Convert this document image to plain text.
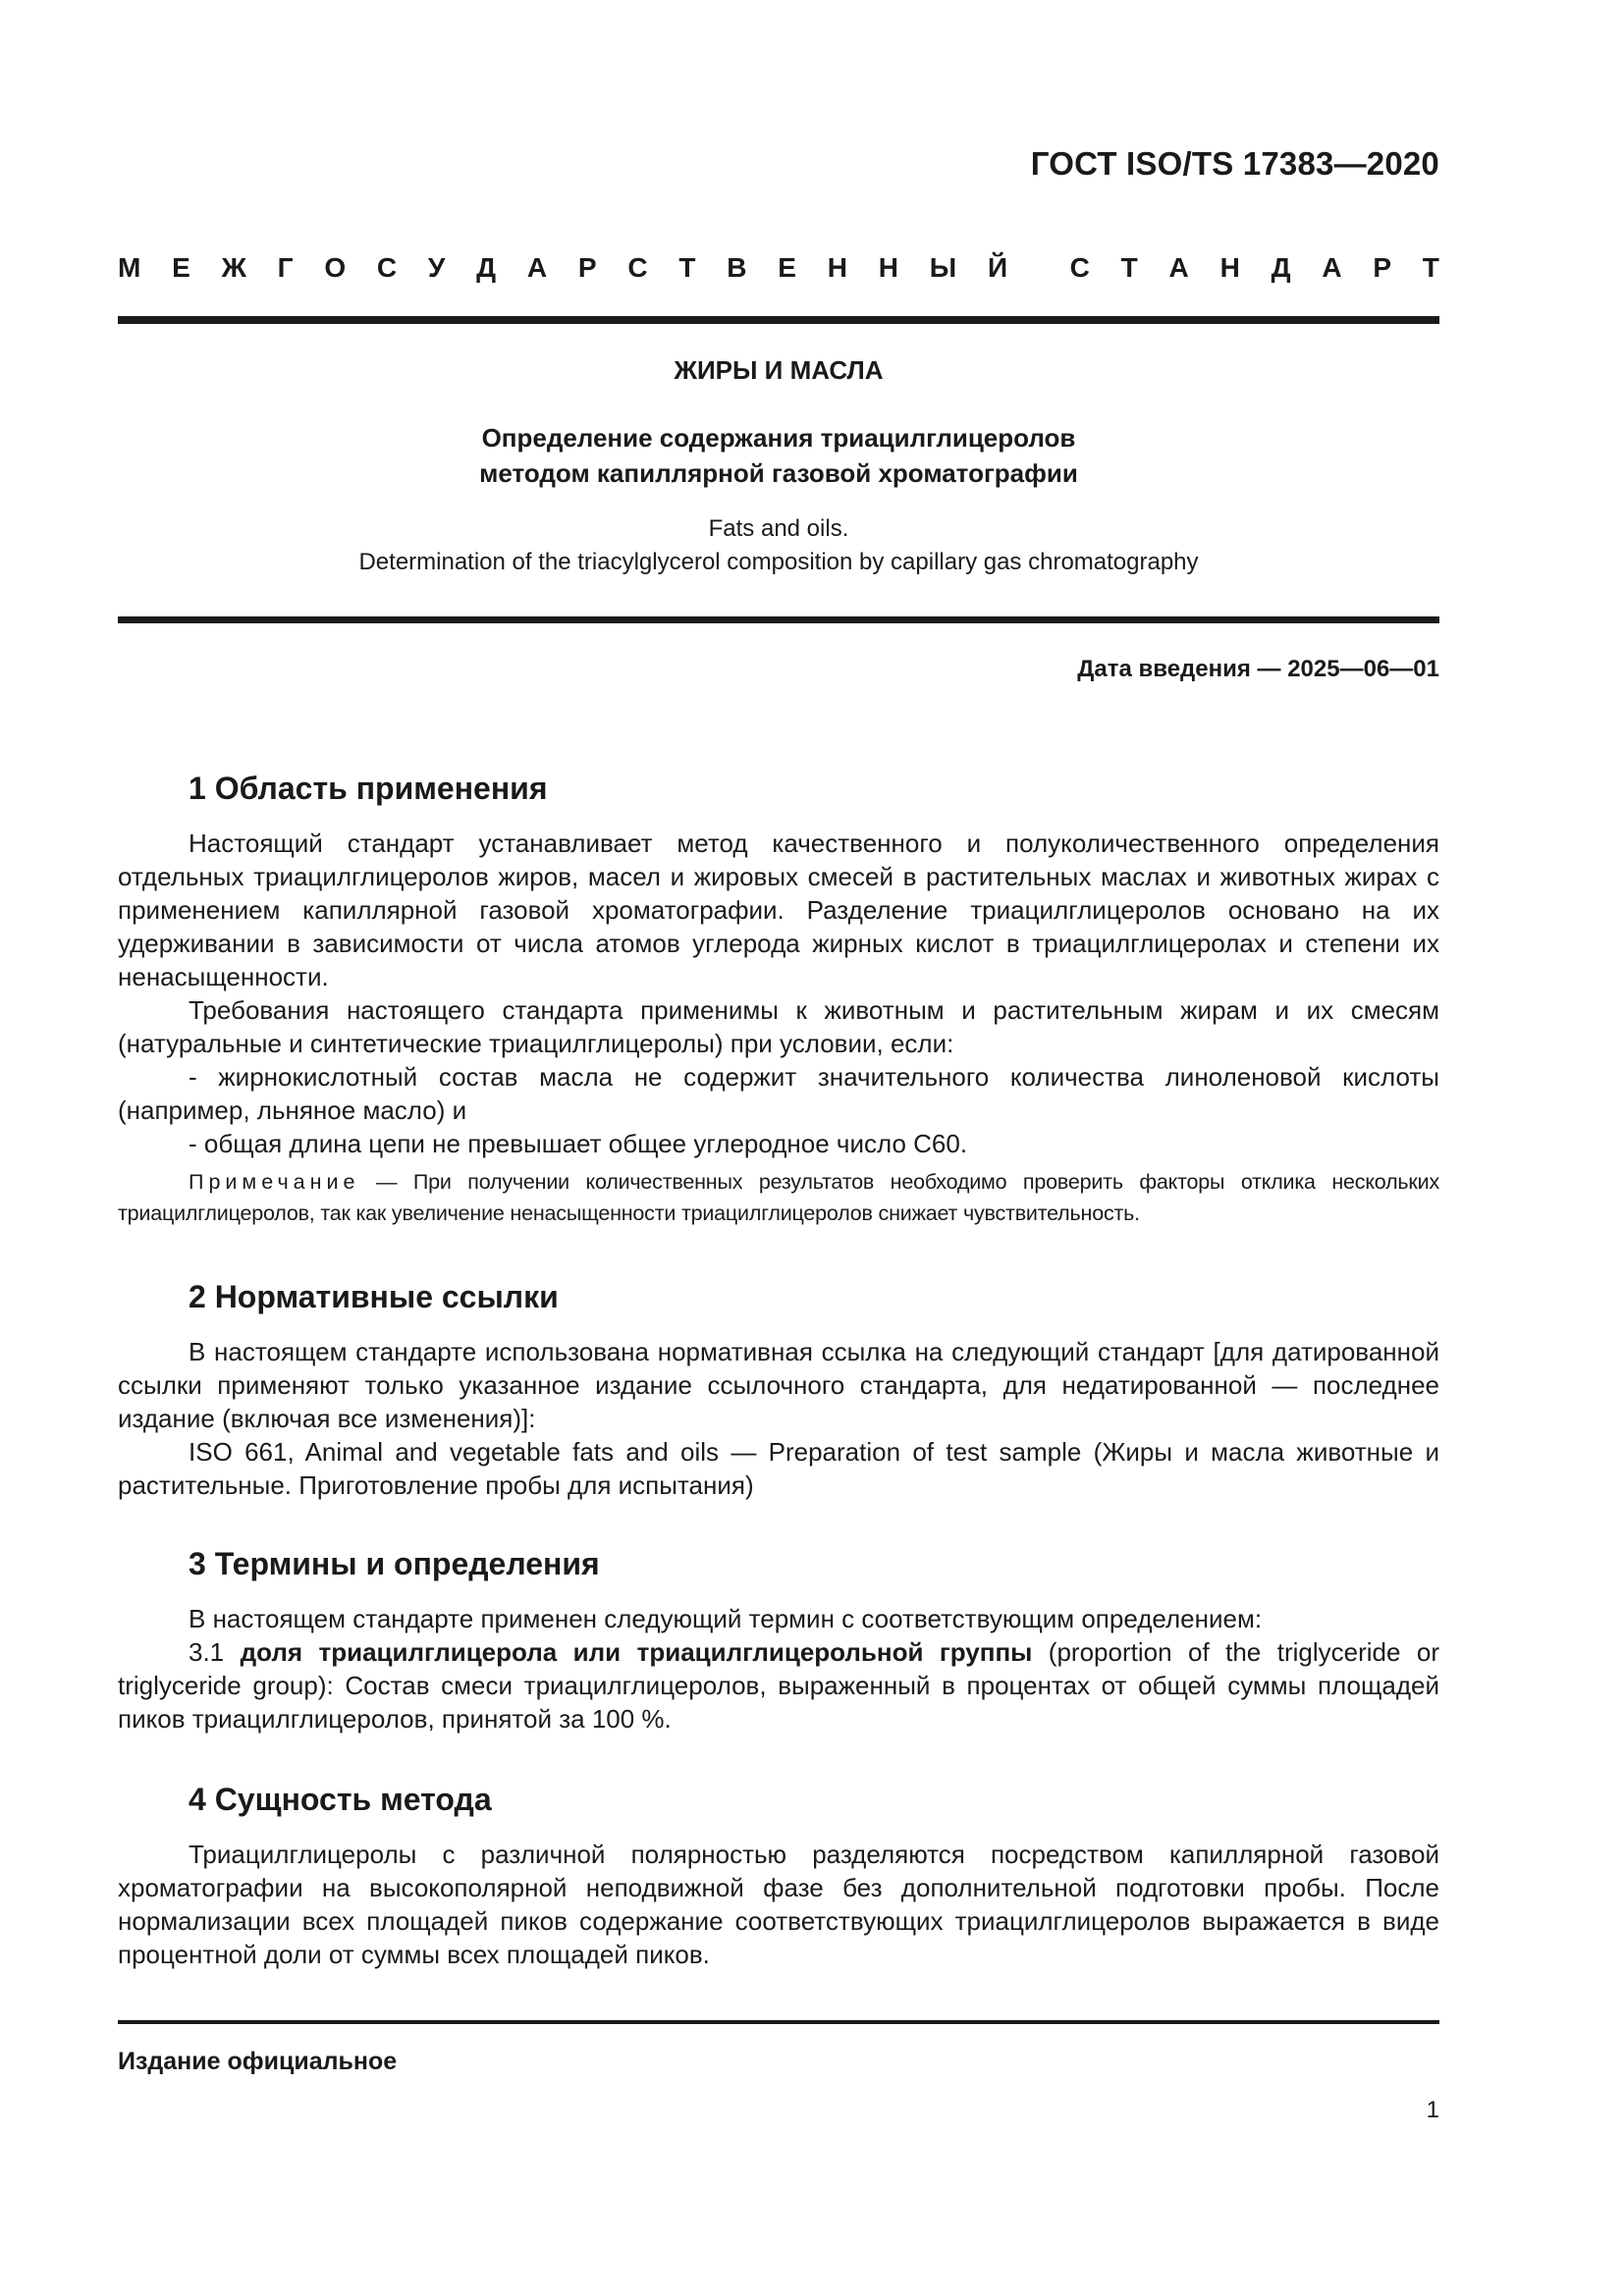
ГОСТ ISO/TS 17383—2020
М Е Ж Г О С У Д А Р С Т В Е Н Н Ы Й С Т А Н Д А Р Т
ЖИРЫ И МАСЛА
Определение содержания триацилглицеролов
методом капиллярной газовой хроматографии
Fats and oils.
Determination of the triacylglycerol composition by capillary gas chromatography
Дата введения — 2025—06—01
1 Область применения

Настоящий стандарт устанавливает метод качественного и полуколичественного определения отдельных триацилглицеролов жиров, масел и жировых смесей в растительных маслах и животных жирах с применением капиллярной газовой хроматографии. Разделение триацилглицеролов основано на их удерживании в зависимости от числа атомов углерода жирных кислот в триацилглицеролах и степени их ненасыщенности.

Требования настоящего стандарта применимы к животным и растительным жирам и их смесям (натуральные и синтетические триацилглицеролы) при условии, если:

- жирнокислотный состав масла не содержит значительного количества линоленовой кислоты (например, льняное масло) и

- общая длина цепи не превышает общее углеродное число С60.

Примечание — При получении количественных результатов необходимо проверить факторы отклика нескольких триацилглицеролов, так как увеличение ненасыщенности триацилглицеролов снижает чувствительность.

2 Нормативные ссылки

В настоящем стандарте использована нормативная ссылка на следующий стандарт [для датированной ссылки применяют только указанное издание ссылочного стандарта, для недатированной — последнее издание (включая все изменения)]:

ISO 661, Animal and vegetable fats and oils — Preparation of test sample (Жиры и масла животные и растительные. Приготовление пробы для испытания)

3 Термины и определения

В настоящем стандарте применен следующий термин с соответствующим определением:

3.1 доля триацилглицерола или триацилглицерольной группы (proportion of the triglyceride or triglyceride group): Состав смеси триацилглицеролов, выраженный в процентах от общей суммы площадей пиков триацилглицеролов, принятой за 100 %.

4 Сущность метода

Триацилглицеролы с различной полярностью разделяются посредством капиллярной газовой хроматографии на высокополярной неподвижной фазе без дополнительной подготовки пробы. После нормализации всех площадей пиков содержание соответствующих триацилглицеролов выражается в виде процентной доли от суммы всех площадей пиков.

Издание официальное
1
